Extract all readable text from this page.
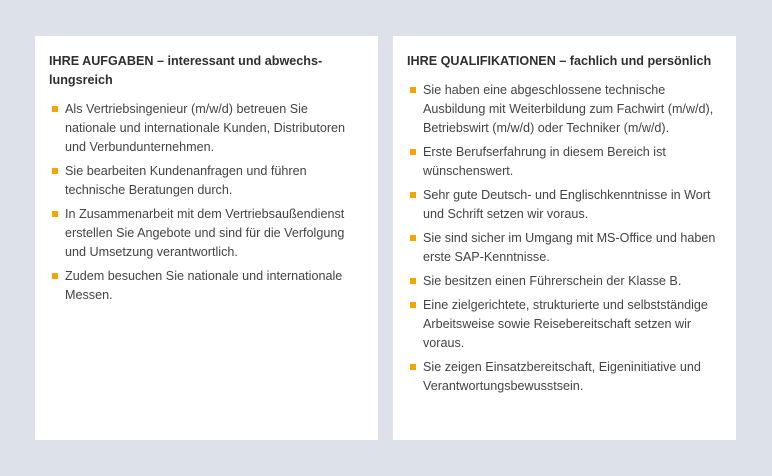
IHRE AUFGABEN – interessant und abwechs- lungsreich
Als Vertriebsingenieur (m/w/d) betreuen Sie nationale und internationale Kunden, Distributoren und Verbundunternehmen.
Sie bearbeiten Kundenanfragen und führen technische Beratungen durch.
In Zusammenarbeit mit dem Vertriebsaußendienst erstellen Sie Angebote und sind für die Verfolgung und Umsetzung verantwortlich.
Zudem besuchen Sie nationale und internationale Messen.
IHRE QUALIFIKATIONEN – fachlich und persönlich
Sie haben eine abgeschlossene technische Ausbildung mit Weiterbildung zum Fachwirt (m/w/d), Betriebswirt (m/w/d) oder Techniker (m/w/d).
Erste Berufserfahrung in diesem Bereich ist wünschenswert.
Sehr gute Deutsch- und Englischkenntnisse in Wort und Schrift setzen wir voraus.
Sie sind sicher im Umgang mit MS-Office und haben erste SAP-Kenntnisse.
Sie besitzen einen Führerschein der Klasse B.
Eine zielgerichtete, strukturierte und selbstständige Arbeitsweise sowie Reisebereitschaft setzen wir voraus.
Sie zeigen Einsatzbereitschaft, Eigeninitiative und Verantwortungsbewusstsein.
